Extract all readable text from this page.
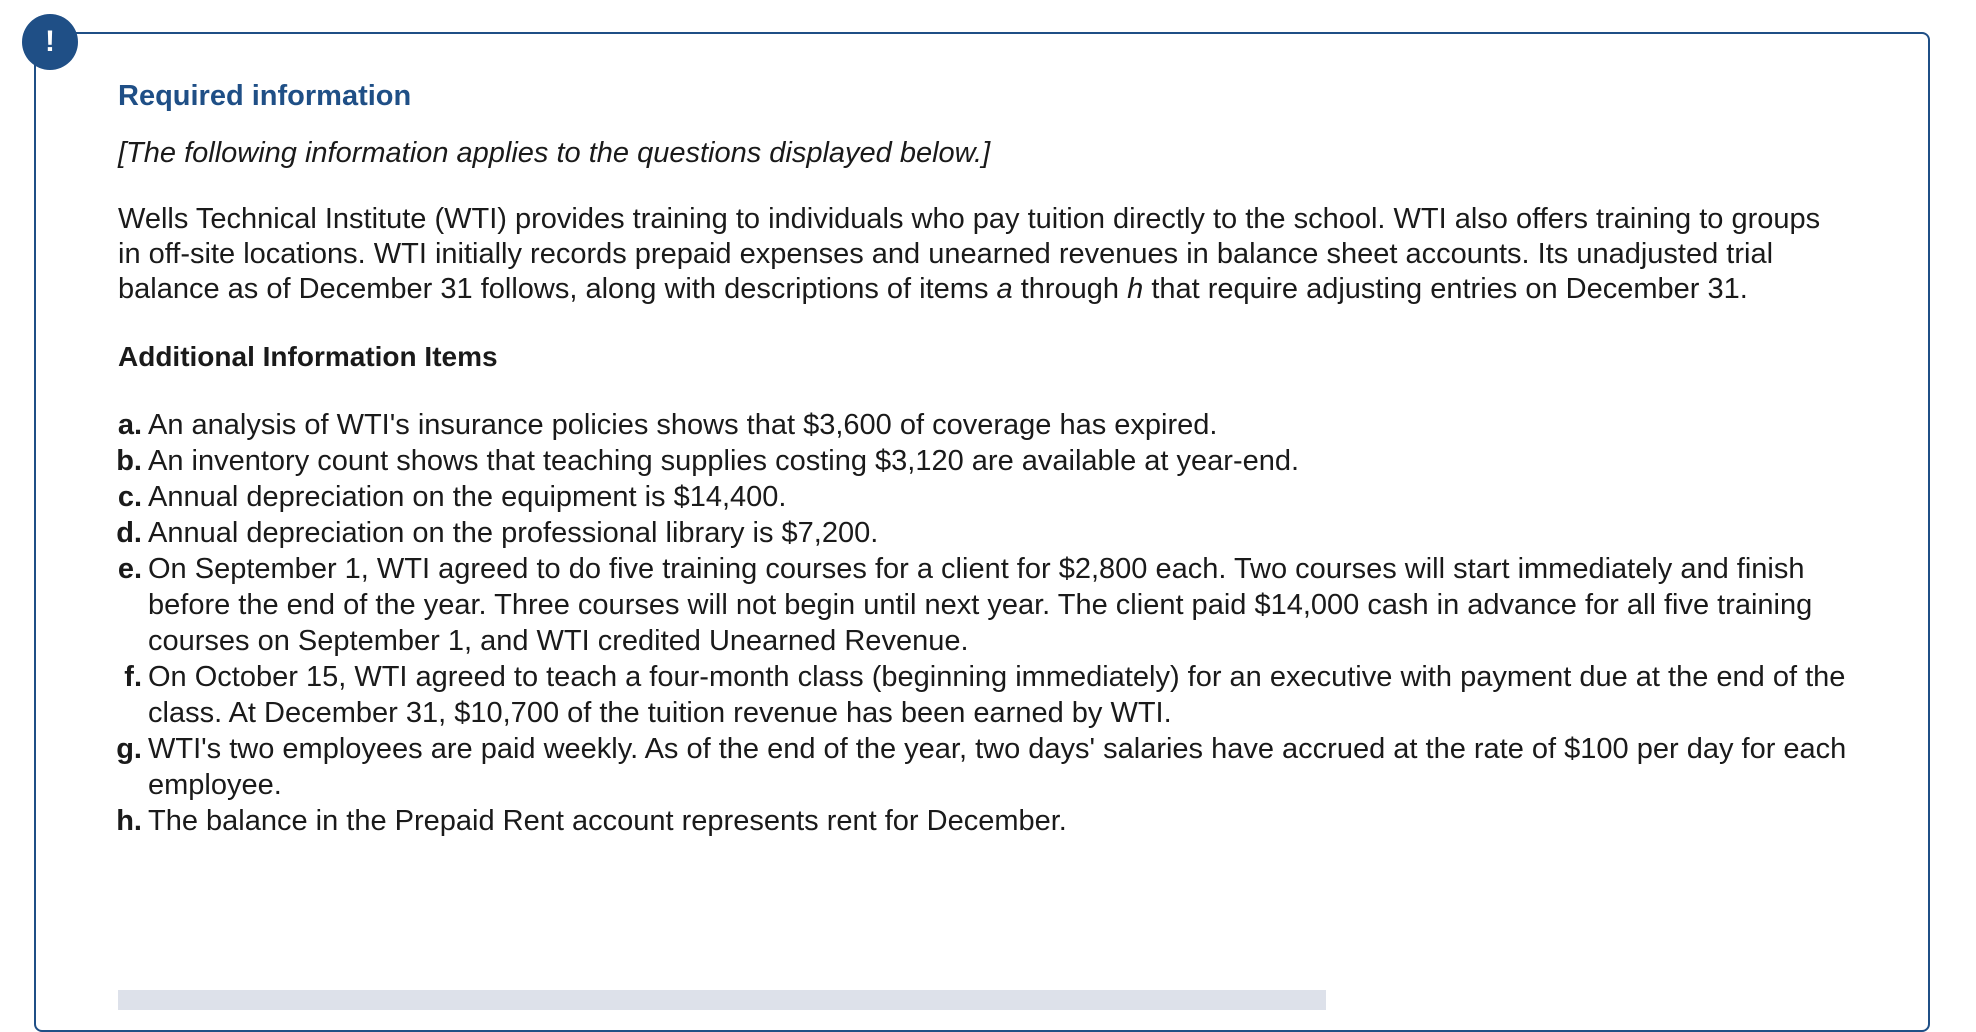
!
Required information
[The following information applies to the questions displayed below.]
Wells Technical Institute (WTI) provides training to individuals who pay tuition directly to the school. WTI also offers training to groups in off-site locations. WTI initially records prepaid expenses and unearned revenues in balance sheet accounts. Its unadjusted trial balance as of December 31 follows, along with descriptions of items a through h that require adjusting entries on December 31.
Additional Information Items
a. An analysis of WTI's insurance policies shows that $3,600 of coverage has expired.
b. An inventory count shows that teaching supplies costing $3,120 are available at year-end.
c. Annual depreciation on the equipment is $14,400.
d. Annual depreciation on the professional library is $7,200.
e. On September 1, WTI agreed to do five training courses for a client for $2,800 each. Two courses will start immediately and finish before the end of the year. Three courses will not begin until next year. The client paid $14,000 cash in advance for all five training courses on September 1, and WTI credited Unearned Revenue.
f. On October 15, WTI agreed to teach a four-month class (beginning immediately) for an executive with payment due at the end of the class. At December 31, $10,700 of the tuition revenue has been earned by WTI.
g. WTI's two employees are paid weekly. As of the end of the year, two days' salaries have accrued at the rate of $100 per day for each employee.
h. The balance in the Prepaid Rent account represents rent for December.
